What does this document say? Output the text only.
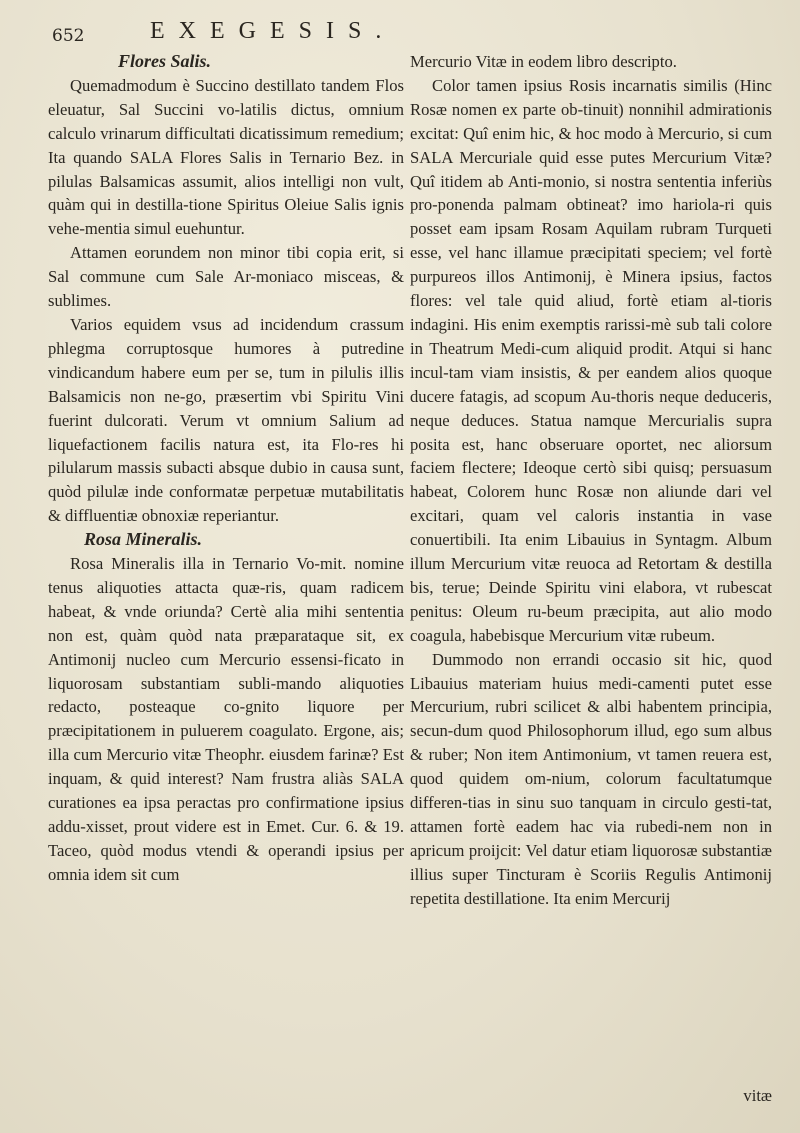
652	EXEGESIS.

Flores Salis.

Quemadmodum è Succino destillato tandem Flos eleuatur, Sal Succini vo-latilis dictus, omnium calculo vrinarum difficultati dicatissimum remedium; Ita quando SALA Flores Salis in Ternario Bez. in pilulas Balsamicas assumit, alios intelligi non vult, quàm qui in destilla-tione Spiritus Oleiue Salis ignis vehe-mentia simul euehuntur.

Attamen eorundem non minor tibi copia erit, si Sal commune cum Sale Ar-moniaco misceas, & sublimes.

Varios equidem vsus ad incidendum crassum phlegma corruptosque humores à putredine vindicandum habere eum per se, tum in pilulis illis Balsamicis non ne-go, præsertim vbi Spiritu Vini fuerint dulcorati. Verum vt omnium Salium ad liquefactionem facilis natura est, ita Flo-res hi pilularum massis subacti absque dubio in causa sunt, quòd pilulæ inde conformatæ perpetuæ mutabilitatis & diffluentiæ obnoxiæ reperiantur.

Rosa Mineralis.

Rosa Mineralis illa in Ternario Vo-mit. nomine tenus aliquoties attacta quæ-ris, quam radicem habeat, & vnde oriunda? Certè alia mihi sententia non est, quàm quòd nata præparataque sit, ex Antimonij nucleo cum Mercurio essensi-ficato in liquorosam substantiam subli-mando aliquoties redacto, posteaque co-gnito liquore per præcipitationem in puluerem coagulato. Ergone, ais; illa cum Mercurio vitæ Theophr. eiusdem farinæ? Est inquam, & quid interest? Nam frustra aliàs SALA curationes ea ipsa peractas pro confirmatione ipsius addu-xisset, prout videre est in Emet. Cur. 6. & 19. Taceo, quòd modus vtendi & operandi ipsius per omnia idem sit cum

Mercurio Vitæ in eodem libro descripto.

Color tamen ipsius Rosis incarnatis similis (Hinc Rosæ nomen ex parte ob-tinuit) nonnihil admirationis excitat: Quî enim hic, & hoc modo à Mercurio, si cum SALA Mercuriale quid esse putes Mercurium Vitæ? Quî itidem ab Anti-monio, si nostra sententia inferiùs pro-ponenda palmam obtineat? imo hariola-ri quis posset eam ipsam Rosam Aquilam rubram Turqueti esse, vel hanc illamue præcipitati speciem; vel fortè purpureos illos Antimonij, è Minera ipsius, factos flores: vel tale quid aliud, fortè etiam al-tioris indagini. His enim exemptis rarissi-mè sub tali colore in Theatrum Medi-cum aliquid prodit. Atqui si hanc incul-tam viam insistis, & per eandem alios quoque ducere fatagis, ad scopum Au-thoris neque deduceris, neque deduces. Statua namque Mercurialis supra posita est, hanc obseruare oportet, nec aliorsum faciem flectere; Ideoque certò sibi quisq; persuasum habeat, Colorem hunc Rosæ non aliunde dari vel excitari, quam vel caloris instantia in vase conuertibili. Ita enim Libauius in Syntagm. Album illum Mercurium vitæ reuoca ad Retortam & destilla bis, terue; Deinde Spiritu vini elabora, vt rubescat penitus: Oleum ru-beum præcipita, aut alio modo coagula, habebisque Mercurium vitæ rubeum.

Dummodo non errandi occasio sit hic, quod Libauius materiam huius medi-camenti putet esse Mercurium, rubri scilicet & albi habentem principia, secun-dum quod Philosophorum illud, ego sum albus & ruber; Non item Antimonium, vt tamen reuera est, quod quidem om-nium, colorum facultatumque differen-tias in sinu suo tanquam in circulo gesti-tat, attamen fortè eadem hac via rubedi-nem non in apricum proijcit: Vel datur etiam liquorosæ substantiæ illius super Tincturam è Scoriis Regulis Antimonij repetita destillatione. Ita enim Mercurij

vitæ
